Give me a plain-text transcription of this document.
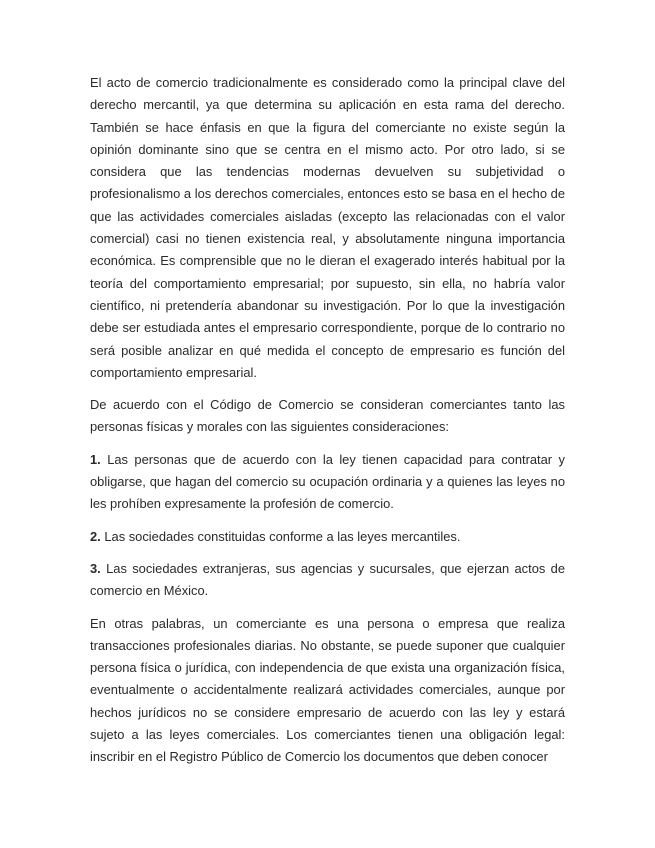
El acto de comercio tradicionalmente es considerado como la principal clave del derecho mercantil, ya que determina su aplicación en esta rama del derecho. También se hace énfasis en que la figura del comerciante no existe según la opinión dominante sino que se centra en el mismo acto. Por otro lado, si se considera que las tendencias modernas devuelven su subjetividad o profesionalismo a los derechos comerciales, entonces esto se basa en el hecho de que las actividades comerciales aisladas (excepto las relacionadas con el valor comercial) casi no tienen existencia real, y absolutamente ninguna importancia económica. Es comprensible que no le dieran el exagerado interés habitual por la teoría del comportamiento empresarial; por supuesto, sin ella, no habría valor científico, ni pretendería abandonar su investigación. Por lo que la investigación debe ser estudiada antes el empresario correspondiente, porque de lo contrario no será posible analizar en qué medida el concepto de empresario es función del comportamiento empresarial.

De acuerdo con el Código de Comercio se consideran comerciantes tanto las personas físicas y morales con las siguientes consideraciones:

1. Las personas que de acuerdo con la ley tienen capacidad para contratar y obligarse, que hagan del comercio su ocupación ordinaria y a quienes las leyes no les prohíben expresamente la profesión de comercio.

2. Las sociedades constituidas conforme a las leyes mercantiles.

3. Las sociedades extranjeras, sus agencias y sucursales, que ejerzan actos de comercio en México.

En otras palabras, un comerciante es una persona o empresa que realiza transacciones profesionales diarias. No obstante, se puede suponer que cualquier persona física o jurídica, con independencia de que exista una organización física, eventualmente o accidentalmente realizará actividades comerciales, aunque por hechos jurídicos no se considere empresario de acuerdo con las ley y estará sujeto a las leyes comerciales. Los comerciantes tienen una obligación legal: inscribir en el Registro Público de Comercio los documentos que deben conocer
